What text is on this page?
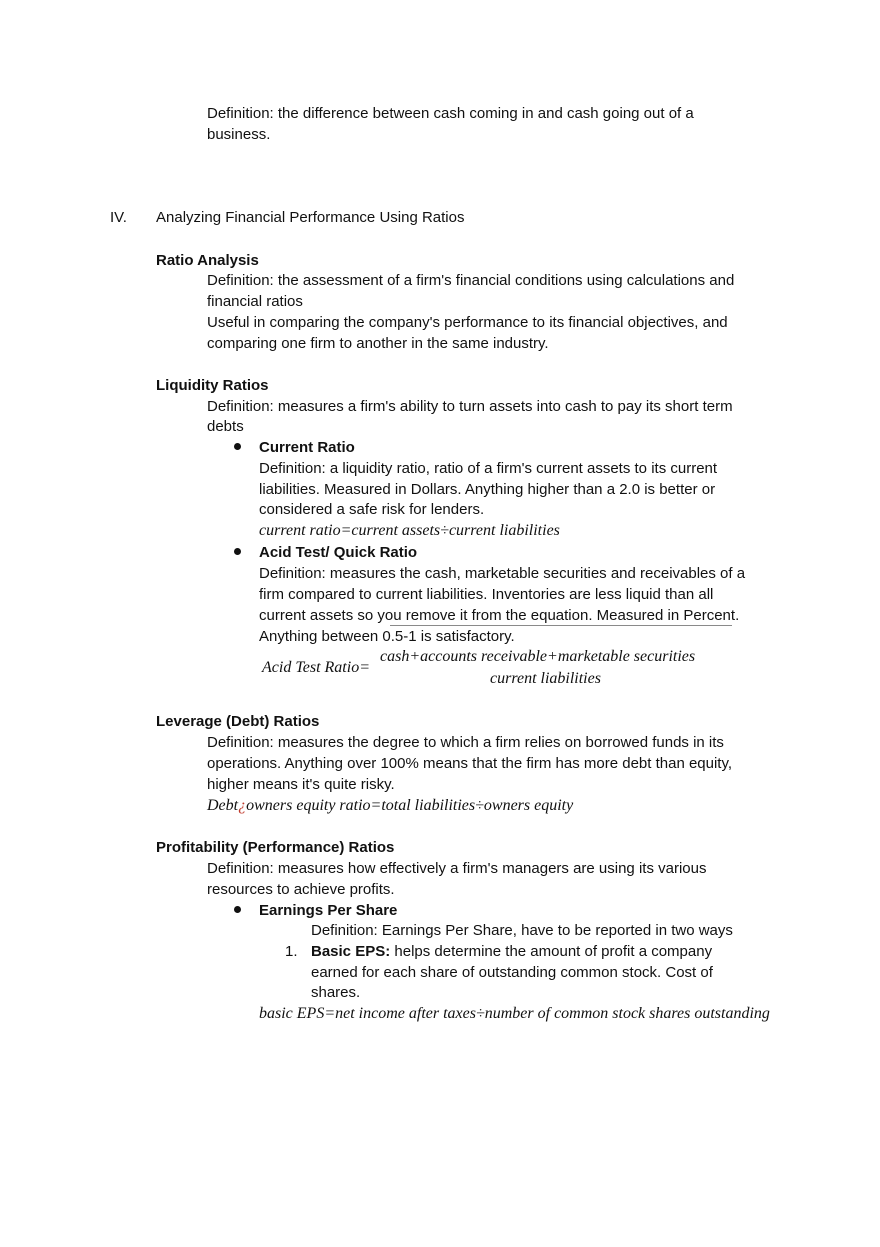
Definition: the difference between cash coming in and cash going out of a
business.
IV. Analyzing Financial Performance Using Ratios
Ratio Analysis
Definition: the assessment of a firm's financial conditions using calculations and
financial ratios
Useful in comparing the company's performance to its financial objectives, and
comparing one firm to another in the same industry.
Liquidity Ratios
Definition: measures a firm's ability to turn assets into cash to pay its short term
debts
Current Ratio
Definition: a liquidity ratio, ratio of a firm's current assets to its current
liabilities. Measured in Dollars. Anything higher than a 2.0 is better or
considered a safe risk for lenders.
current ratio=current assets÷current liabilities
Acid Test/ Quick Ratio
Definition: measures the cash, marketable securities and receivables of a
firm compared to current liabilities. Inventories are less liquid than all
current assets so you remove it from the equation. Measured in Percent.
Anything between 0.5-1 is satisfactory.
Acid Test Ratio=
cash+accounts receivable+marketable securities
current liabilities
Leverage (Debt) Ratios
Definition: measures the degree to which a firm relies on borrowed funds in its
operations. Anything over 100% means that the firm has more debt than equity,
higher means it's quite risky.
Debt¿owners equity ratio=total liabilities÷owners equity
Profitability (Performance) Ratios
Definition: measures how effectively a firm's managers are using its various
resources to achieve profits.
Earnings Per Share
Definition: Earnings Per Share, have to be reported in two ways
1. Basic EPS: helps determine the amount of profit a company
earned for each share of outstanding common stock. Cost of
shares.
basic EPS=net income after taxes÷number of common stock shares outstanding
